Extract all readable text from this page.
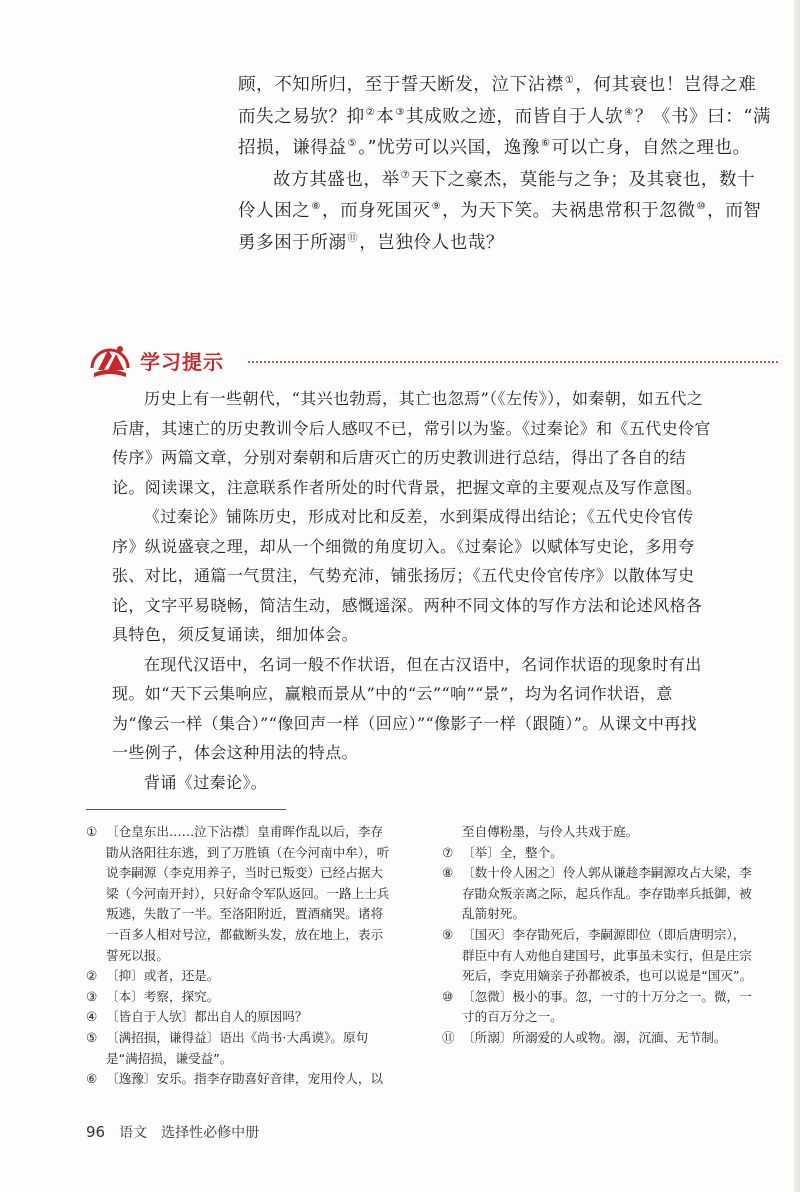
顾，不知所归，至于誓天断发，泣下沾襟①，何其衰也！岂得之难而失之易欤？抑②本③其成败之迹，而皆自于人欤④？《书》曰：“满招损，谦得益⑤。”忧劳可以兴国，逸豫⑥可以亡身，自然之理也。

故方其盛也，举⑦天下之豪杰，莫能与之争；及其衰也，数十伶人困之⑧，而身死国灭⑨，为天下笑。夫祸患常积于忽微⑩，而智勇多困于所溺⑪，岂独伶人也哉？

学习提示

历史上有一些朝代，“其兴也勃焉，其亡也忽焉”（《左传》），如秦朝，如五代之后唐，其速亡的历史教训令后人感叹不已，常引以为鉴。《过秦论》和《五代史伶官传序》两篇文章，分别对秦朝和后唐灭亡的历史教训进行总结，得出了各自的结论。阅读课文，注意联系作者所处的时代背景，把握文章的主要观点及写作意图。

《过秦论》铺陈历史，形成对比和反差，水到渠成得出结论；《五代史伶官传序》纵说盛衰之理，却从一个细微的角度切入。《过秦论》以赋体写史论，多用夸张、对比，通篇一气贯注，气势充沛，铺张扬厉；《五代史伶官传序》以散体写史论，文字平易晓畅，简洁生动，感慨遥深。两种不同文体的写作方法和论述风格各具特色，须反复诵读，细加体会。

在现代汉语中，名词一般不作状语，但在古汉语中，名词作状语的现象时有出现。如“天下云集响应，赢粮而景从”中的“云”“响”“景”，均为名词作状语，意为“像云一样（集合）”“像回声一样（回应）”“像影子一样（跟随）”。从课文中再找一些例子，体会这种用法的特点。

背诵《过秦论》。

① 〔仓皇东出……泣下沾襟〕皇甫晖作乱以后，李存勖从洛阳往东逃，到了万胜镇（在今河南中牟），听说李嗣源（李克用养子，当时已叛变）已经占据大梁（今河南开封），只好命令军队返回。一路上士兵叛逃，失散了一半。至洛阳附近，置酒痛哭。诸将一百多人相对号泣，都截断头发，放在地上，表示誓死以报。
② 〔抑〕或者，还是。
③ 〔本〕考察，探究。
④ 〔皆自于人欤〕都出自人的原因吗？
⑤ 〔满招损，谦得益〕语出《尚书·大禹谟》。原句是“满招损，谦受益”。
⑥ 〔逸豫〕安乐。指李存勖喜好音律，宠用伶人，以
至自傅粉墨，与伶人共戏于庭。
⑦ 〔举〕全，整个。
⑧ 〔数十伶人困之〕伶人郭从谦趁李嗣源攻占大梁，李存勖众叛亲离之际，起兵作乱。李存勖率兵抵御，被乱箭射死。
⑨ 〔国灭〕李存勖死后，李嗣源即位（即后唐明宗），群臣中有人劝他自建国号，此事虽未实行，但是庄宗死后，李克用嫡亲子孙都被杀，也可以说是“国灭”。
⑩ 〔忽微〕极小的事。忽，一寸的十万分之一。微，一寸的百万分之一。
⑪ 〔所溺〕所溺爱的人或物。溺，沉湎、无节制。
96 语文 选择性必修中册
